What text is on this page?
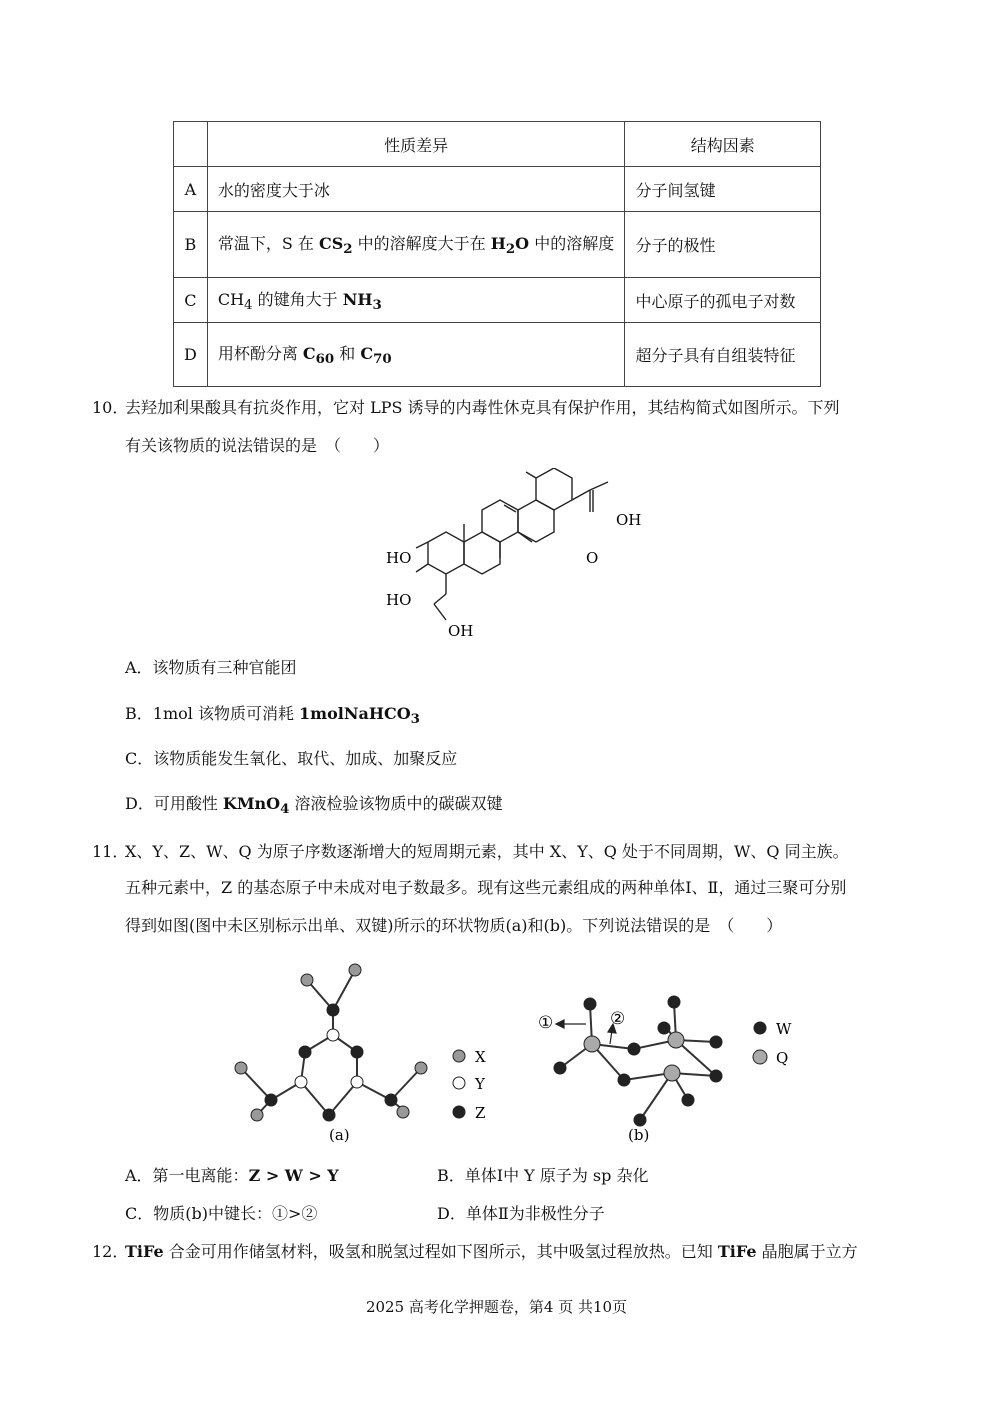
	性质差异	结构因素
A	水的密度大于冰	分子间氢键
B	常温下，S 在 $CS_2$ 中的溶解度大于在 $H_2O$ 中的溶解度	分子的极性
C	$CH_4$ 的键角大于 $NH_3$	中心原子的孤电子对数
D	用杯酚分离 $C_{60}$ 和 $C_{70}$	超分子具有自组装特征
10．
去羟加利果酸具有抗炎作用，它对 LPS 诱导的内毒性休克具有保护作用，其结构简式如图所示。下列
有关该物质的说法错误的是　（　　）
HO
HO
OH
OH
O
A．该物质有三种官能团
B．1mol 该物质可消耗 1molNaHCO$_3$
C．该物质能发生氧化、取代、加成、加聚反应
D．可用酸性 KMnO$_4$ 溶液检验该物质中的碳碳双键
11．
X、Y、Z、W、Q 为原子序数逐渐增大的短周期元素，其中 X、Y、Q 处于不同周期，W、Q 同主族。
五种元素中，Z 的基态原子中未成对电子数最多。现有这些元素组成的两种单体Ⅰ、Ⅱ，通过三聚可分别
得到如图(图中未区别标示出单、双键)所示的环状物质(a)和(b)。下列说法错误的是　（　　）
X
Y
Z
(a)
①	②	W
Q
(b)
A．第一电离能：Z > W > Y	B．单体Ⅰ中 Y 原子为 sp 杂化
C．物质(b)中键长：①>②	D．单体Ⅱ为非极性分子
12．
TiFe 合金可用作储氢材料，吸氢和脱氢过程如下图所示，其中吸氢过程放热。已知 TiFe 晶胞属于立方
2025 高考化学押题卷，第4 页 共10页
